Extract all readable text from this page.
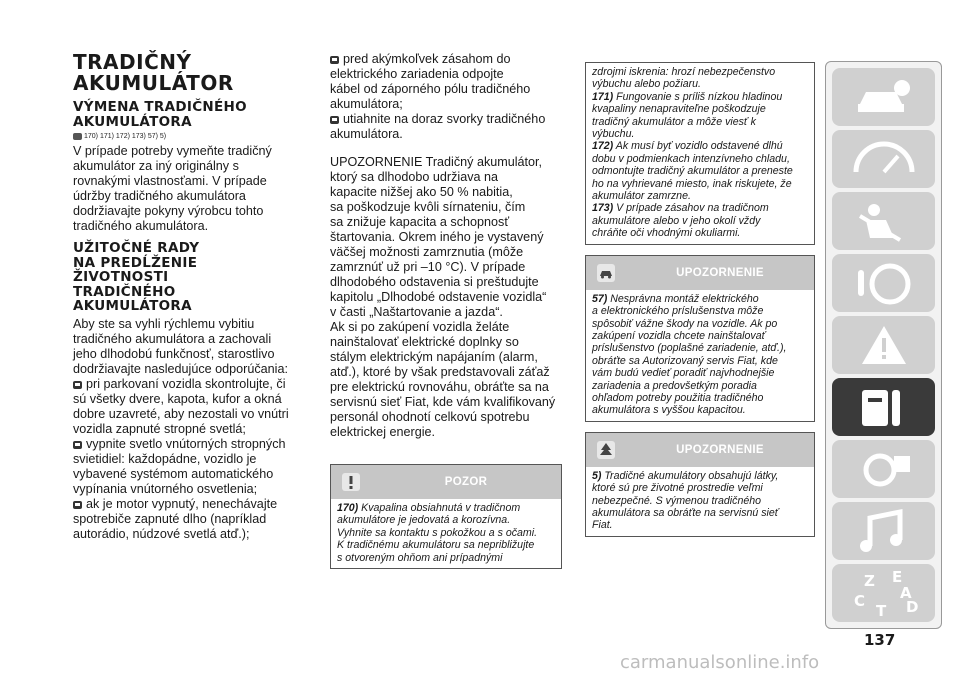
TRADIČNÝ
AKUMULÁTOR
VÝMENA TRADIČNÉHO
AKUMULÁTORA
170) 171) 172) 173) 57) 5)
V prípade potreby vymeňte tradičný
akumulátor za iný originálny s
rovnakými vlastnosťami. V prípade
údržby tradičného akumulátora
dodržiavajte pokyny výrobcu tohto
tradičného akumulátora.
UŽITOČNÉ RADY
NA PREDĹŽENIE
ŽIVOTNOSTI
TRADIČNÉHO
AKUMULÁTORA
Aby ste sa vyhli rýchlemu vybitiu
tradičného akumulátora a zachovali
jeho dlhodobú funkčnosť, starostlivo
dodržiavajte nasledujúce odporúčania:
pri parkovaní vozidla skontrolujte, či
sú všetky dvere, kapota, kufor a okná
dobre uzavreté, aby nezostali vo vnútri
vozidla zapnuté stropné svetlá;
vypnite svetlo vnútorných stropných
svietidiel: každopádne, vozidlo je
vybavené systémom automatického
vypínania vnútorného osvetlenia;
ak je motor vypnutý, nenechávajte
spotrebiče zapnuté dlho (napríklad
autorádio, núdzové svetlá atď.);
pred akýmkoľvek zásahom do
elektrického zariadenia odpojte
kábel od záporného pólu tradičného
akumulátora;
utiahnite na doraz svorky tradičného
akumulátora.
UPOZORNENIE Tradičný akumulátor,
ktorý sa dlhodobo udržiava na
kapacite nižšej ako 50 % nabitia,
sa poškodzuje kvôli sírnateniu, čím
sa znižuje kapacita a schopnosť
štartovania. Okrem iného je vystavený
väčšej možnosti zamrznutia (môže
zamrznúť už pri –10 °C). V prípade
dlhodobého odstavenia si preštudujte
kapitolu „Dlhodobé odstavenie vozidla“
v časti „Naštartovanie a jazda“.
Ak si po zakúpení vozidla želáte
nainštalovať elektrické doplnky so
stálym elektrickým napájaním (alarm,
atď.), ktoré by však predstavovali záťaž
pre elektrickú rovnováhu, obráťte sa na
servisnú sieť Fiat, kde vám kvalifikovaný
personál ohodnotí celkovú spotrebu
elektrickej energie.
POZOR
170) Kvapalina obsiahnutá v tradičnom
akumulátore je jedovatá a korozívna.
Vyhnite sa kontaktu s pokožkou a s očami.
K tradičnému akumulátoru sa nepribližujte
s otvoreným ohňom ani prípadnými
zdrojmi iskrenia: hrozí nebezpečenstvo
výbuchu alebo požiaru.
171) Fungovanie s príliš nízkou hladinou
kvapaliny nenapraviteľne poškodzuje
tradičný akumulátor a môže viesť k
výbuchu.
172) Ak musí byť vozidlo odstavené dlhú
dobu v podmienkach intenzívneho chladu,
odmontujte tradičný akumulátor a preneste
ho na vyhrievané miesto, inak riskujete, že
akumulátor zamrzne.
173) V prípade zásahov na tradičnom
akumulátore alebo v jeho okolí vždy
chráňte oči vhodnými okuliarmi.
UPOZORNENIE
57) Nesprávna montáž elektrického
a elektronického príslušenstva môže
spôsobiť vážne škody na vozidle. Ak po
zakúpení vozidla chcete nainštalovať
príslušenstvo (poplašné zariadenie, atď.),
obráťte sa Autorizovaný servis Fiat, kde
vám budú vedieť poradiť najvhodnejšie
zariadenia a predovšetkým poradia
ohľadom potreby použitia tradičného
akumulátora s vyššou kapacitou.
UPOZORNENIE
5) Tradičné akumulátory obsahujú látky,
ktoré sú pre životné prostredie veľmi
nebezpečné. S výmenou tradičného
akumulátora sa obráťte na servisnú sieť
Fiat.
Z E
A
C
T D
137
carmanualsonline.info
